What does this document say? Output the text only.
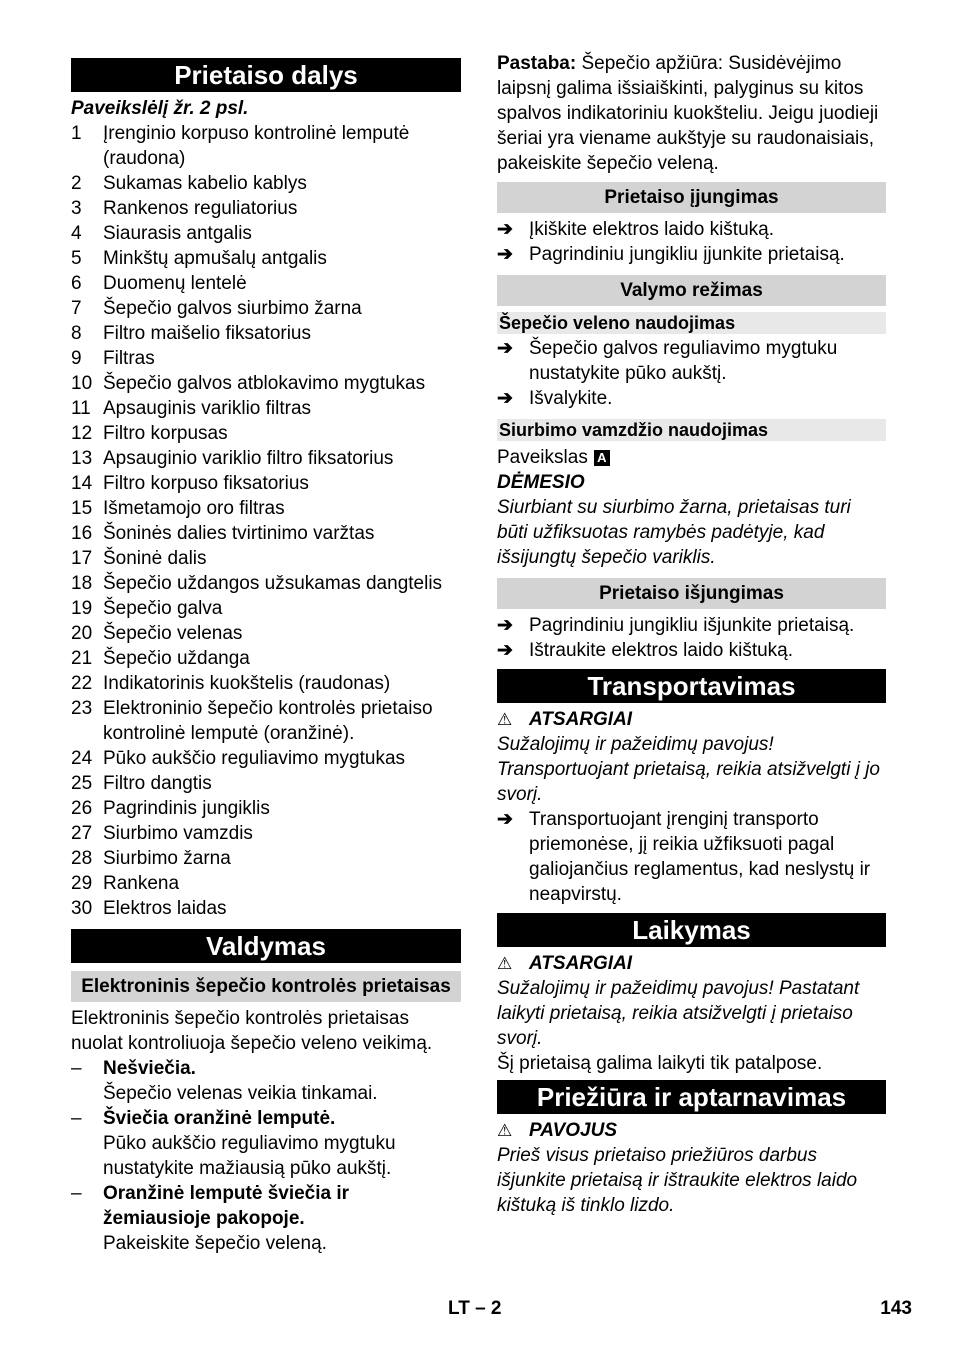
Prietaiso dalys
Paveikslėlį žr. 2 psl.
1	Įrenginio korpuso kontrolinė lemputė (raudona)
2	Sukamas kabelio kablys
3	Rankenos reguliatorius
4	Siaurasis antgalis
5	Minkštų apmušalų antgalis
6	Duomenų lentelė
7	Šepečio galvos siurbimo žarna
8	Filtro maišelio fiksatorius
9	Filtras
10 Šepečio galvos atblokavimo mygtukas
11 Apsauginis variklio filtras
12 Filtro korpusas
13 Apsauginio variklio filtro fiksatorius
14 Filtro korpuso fiksatorius
15 Išmetamojo oro filtras
16 Šoninės dalies tvirtinimo varžtas
17 Šoninė dalis
18 Šepečio uždangos užsukamas dangtelis
19 Šepečio galva
20 Šepečio velenas
21 Šepečio uždanga
22 Indikatorinis kuokštelis (raudonas)
23 Elektroninio šepečio kontrolės prietaiso kontrolinė lemputė (oranžinė).
24 Pūko aukščio reguliavimo mygtukas
25 Filtro dangtis
26 Pagrindinis jungiklis
27 Siurbimo vamzdis
28 Siurbimo žarna
29 Rankena
30 Elektros laidas
Valdymas
Elektroninis šepečio kontrolės prietaisas
Elektroninis šepečio kontrolės prietaisas nuolat kontroliuoja šepečio veleno veikimą.
–	Nešviečia.
Šepečio velenas veikia tinkamai.
–	Šviečia oranžinė lemputė.
Pūko aukščio reguliavimo mygtuku nustatykite mažiausią pūko aukštį.
–	Oranžinė lemputė šviečia ir žemiausioje pakopoje.
Pakeiskite šepečio veleną.
Pastaba: Šepečio apžiūra: Susidėvėjimo laipsnį galima išsiaiškinti, palyginus su kitos spalvos indikatoriniu kuokšteliu. Jeigu juodieji šeriai yra viename aukštyje su raudonaisiais, pakeiskite šepečio veleną.
Prietaiso įjungimas
➔ Įkiškite elektros laido kištuką.
➔ Pagrindiniu jungikliu įjunkite prietaisą.
Valymo režimas
Šepečio veleno naudojimas
➔ Šepečio galvos reguliavimo mygtuku nustatykite pūko aukštį.
➔ Išvalykite.
Siurbimo vamzdžio naudojimas
Paveikslas A
DĖMESIO
Siurbiant su siurbimo žarna, prietaisas turi būti užfiksuotas ramybės padėtyje, kad išsijungtų šepečio variklis.
Prietaiso išjungimas
➔ Pagrindiniu jungikliu išjunkite prietaisą.
➔ Ištraukite elektros laido kištuką.
Transportavimas
⚠ ATSARGIAI
Sužalojimų ir pažeidimų pavojus! Transportuojant prietaisą, reikia atsižvelgti į jo svorį.
➔ Transportuojant įrenginį transporto priemonėse, jį reikia užfiksuoti pagal galiojančius reglamentus, kad neslystų ir neapvirstų.
Laikymas
⚠ ATSARGIAI
Sužalojimų ir pažeidimų pavojus! Pastatant laikyti prietaisą, reikia atsižvelgti į prietaiso svorį.
Šį prietaisą galima laikyti tik patalpose.
Priežiūra ir aptarnavimas
⚠ PAVOJUS
Prieš visus prietaiso priežiūros darbus išjunkite prietaisą ir ištraukite elektros laido kištuką iš tinklo lizdo.
LT – 2	143
